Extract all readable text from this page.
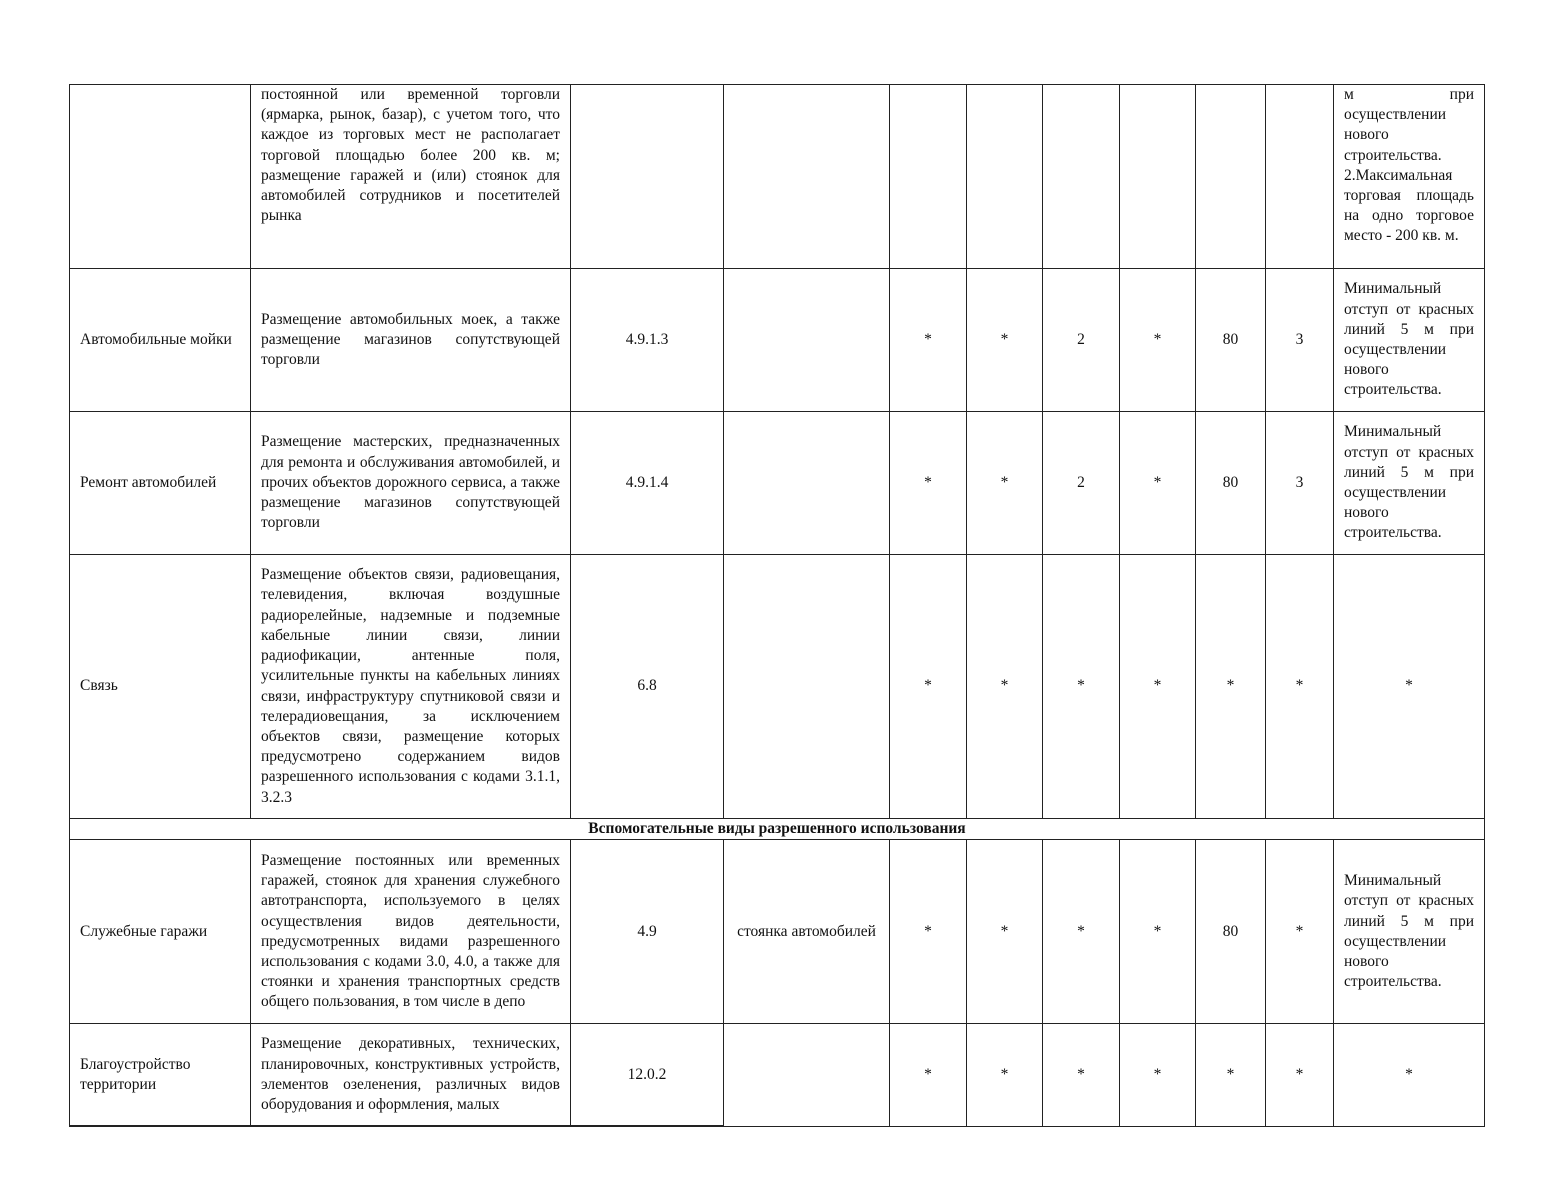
	постоянной или временной торговли (ярмарка, рынок, базар), с учетом того, что каждое из торговых мест не располагает торговой площадью более 200 кв. м; размещение гаражей и (или) стоянок для автомобилей сотрудников и посетителей рынка									м при осуществлении нового строительства. 2.Максимальная торговая площадь на одно торговое место - 200 кв. м.

Автомобильные мойки	Размещение автомобильных моек, а также размещение магазинов сопутствующей торговли	4.9.1.3		*	*	2	*	80	3	Минимальный отступ от красных линий 5 м при осуществлении нового строительства.
Ремонт автомобилей	Размещение мастерских, предназначенных для ремонта и обслуживания автомобилей, и прочих объектов дорожного сервиса, а также размещение магазинов сопутствующей торговли	4.9.1.4		*	*	2	*	80	3	Минимальный отступ от красных линий 5 м при осуществлении нового строительства.
Связь	Размещение объектов связи, радиовещания, телевидения, включая воздушные радиорелейные, надземные и подземные кабельные линии связи, линии радиофикации, антенные поля, усилительные пункты на кабельных линиях связи, инфраструктуру спутниковой связи и телерадиовещания, за исключением объектов связи, размещение которых предусмотрено содержанием видов разрешенного использования с кодами 3.1.1, 3.2.3	6.8		*	*	*	*	*	*	*
Вспомогательные виды разрешенного использования										
Служебные гаражи	Размещение постоянных или временных гаражей, стоянок для хранения служебного автотранспорта, используемого в целях осуществления видов деятельности, предусмотренных видами разрешенного использования с кодами 3.0, 4.0, а также для стоянки и хранения транспортных средств общего пользования, в том числе в депо	4.9	стоянка автомобилей	*	*	*	*	80	*	Минимальный отступ от красных линий 5 м при осуществлении нового строительства.
Благоустройство территории	Размещение декоративных, технических, планировочных, конструктивных устройств, элементов озеленения, различных видов оборудования и оформления, малых	12.0.2		*	*	*	*	*	*	*
